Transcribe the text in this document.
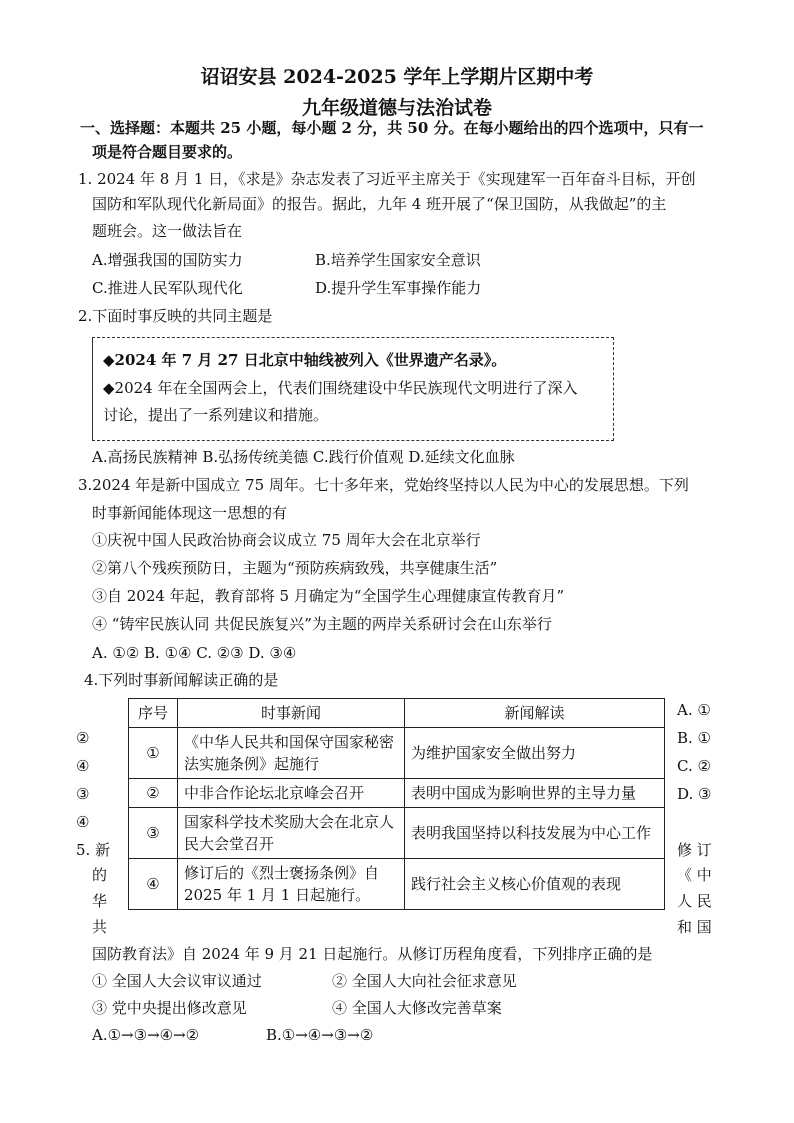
诏诏安县 2024-2025 学年上学期片区期中考
九年级道德与法治试卷
一、选择题：本题共 25 小题，每小题 2 分，共 50 分。在每小题给出的四个选项中，只有一
项是符合题目要求的。
1. 2024 年 8 月 1 日，《求是》杂志发表了习近平主席关于《实现建军一百年奋斗目标，开创
国防和军队现代化新局面》的报告。据此，九年 4 班开展了“保卫国防，从我做起”的主
题班会。这一做法旨在
A.增强我国的国防实力	B.培养学生国家安全意识
C.推进人民军队现代化	D.提升学生军事操作能力
2.下面时事反映的共同主题是
◆2024 年 7 月 27 日北京中轴线被列入《世界遗产名录》。
◆2024 年在全国两会上，代表们围绕建设中华民族现代文明进行了深入
讨论，提出了一系列建议和措施。
A.高扬民族精神 B.弘扬传统美德 C.践行价值观 D.延续文化血脉
3.2024 年是新中国成立 75 周年。七十多年来，党始终坚持以人民为中心的发展思想。下列
时事新闻能体现这一思想的有
①庆祝中国人民政治协商会议成立 75 周年大会在北京举行
②第八个残疾预防日，主题为“预防疾病致残，共享健康生活”
③自 2024 年起，教育部将 5 月确定为“全国学生心理健康宣传教育月”
④ “铸牢民族认同 共促民族复兴”为主题的两岸关系研讨会在山东举行
A. ①② B. ①④ C. ②③ D. ③④
4.下列时事新闻解读正确的是
序号	时事新闻	新闻解读
①	《中华人民共和国保守国家秘密法实施条例》起施行	为维护国家安全做出努力
②	中非合作论坛北京峰会召开	表明中国成为影响世界的主导力量
③	国家科学技术奖励大会在北京人民大会堂召开	表明我国坚持以科技发展为中心工作
④	修订后的《烈士褒扬条例》自 2025 年 1 月 1 日起施行。	践行社会主义核心价值观的表现
A. ①
B. ①
C. ②
D. ③
②
④
③
④
5. 新
的
华
共
修 订
《 中
人 民
和 国
国防教育法》自 2024 年 9 月 21 日起施行。从修订历程角度看，下列排序正确的是
① 全国人大会议审议通过	② 全国人大向社会征求意见
③ 党中央提出修改意见	④ 全国人大修改完善草案
A.①→③→④→②	B.①→④→③→②
